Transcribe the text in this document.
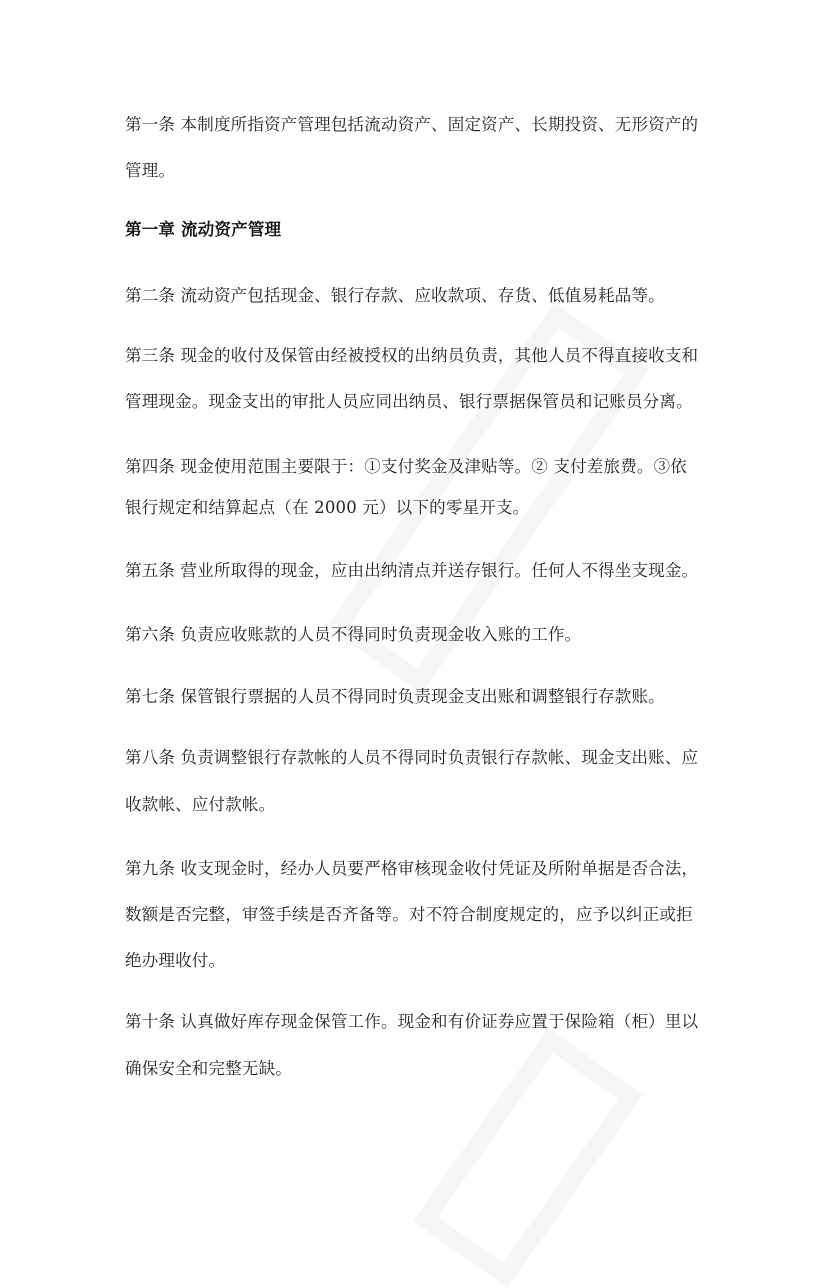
第一条 本制度所指资产管理包括流动资产、固定资产、长期投资、无形资产的
管理。
第一章 流动资产管理
第二条 流动资产包括现金、银行存款、应收款项、存货、低值易耗品等。
第三条 现金的收付及保管由经被授权的出纳员负责，其他人员不得直接收支和
管理现金。现金支出的审批人员应同出纳员、银行票据保管员和记账员分离。
第四条 现金使用范围主要限于：①支付奖金及津贴等。② 支付差旅费。③依
银行规定和结算起点（在 2000 元）以下的零星开支。
第五条 营业所取得的现金，应由出纳清点并送存银行。任何人不得坐支现金。
第六条 负责应收账款的人员不得同时负责现金收入账的工作。
第七条 保管银行票据的人员不得同时负责现金支出账和调整银行存款账。
第八条 负责调整银行存款帐的人员不得同时负责银行存款帐、现金支出账、应
收款帐、应付款帐。
第九条 收支现金时，经办人员要严格审核现金收付凭证及所附单据是否合法，
数额是否完整，审签手续是否齐备等。对不符合制度规定的，应予以纠正或拒
绝办理收付。
第十条 认真做好库存现金保管工作。现金和有价证券应置于保险箱（柜）里以
确保安全和完整无缺。
